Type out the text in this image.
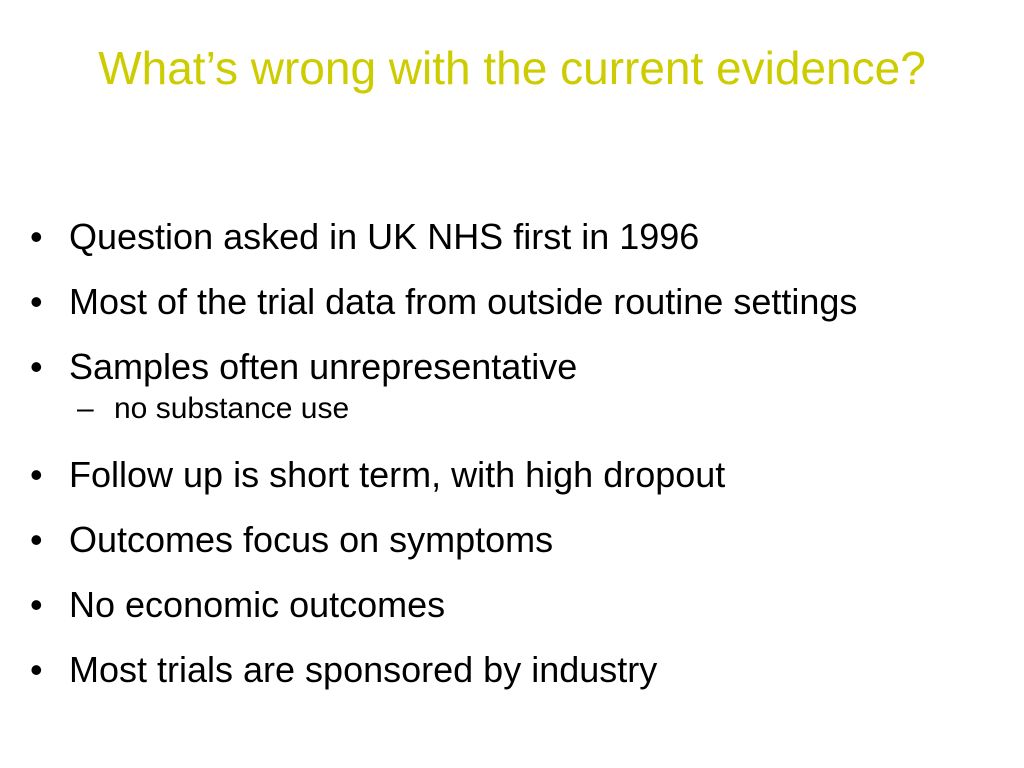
What’s wrong with the current evidence?
• Question asked in UK NHS first in 1996
• Most of the trial data from outside routine settings
• Samples often unrepresentative
– no substance use
• Follow up is short term, with high dropout
• Outcomes focus on symptoms
• No economic outcomes
• Most trials are sponsored by industry
